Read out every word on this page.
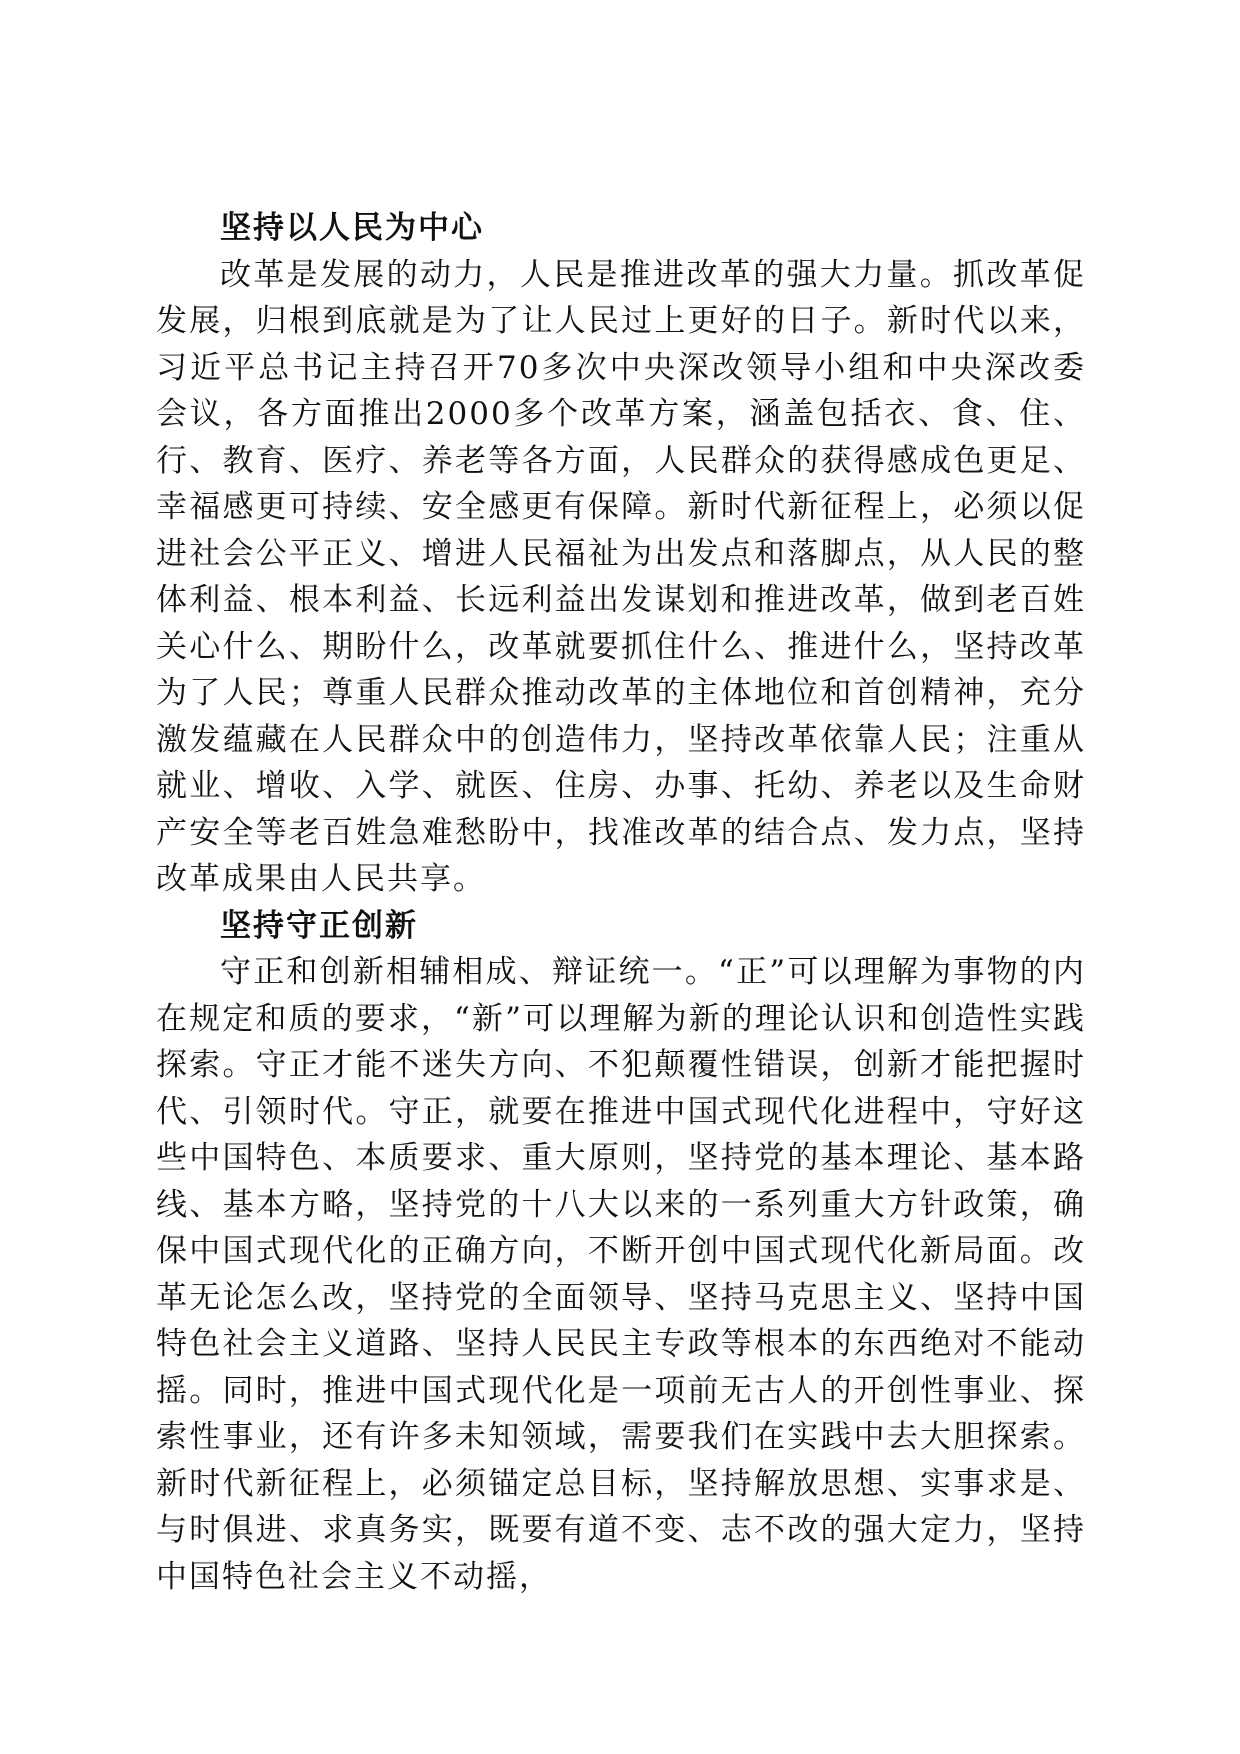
坚持以人民为中心

改革是发展的动力，人民是推进改革的强大力量。抓改革促发展，归根到底就是为了让人民过上更好的日子。新时代以来，习近平总书记主持召开70多次中央深改领导小组和中央深改委会议，各方面推出2000多个改革方案，涵盖包括衣、食、住、行、教育、医疗、养老等各方面，人民群众的获得感成色更足、幸福感更可持续、安全感更有保障。新时代新征程上，必须以促进社会公平正义、增进人民福祉为出发点和落脚点，从人民的整体利益、根本利益、长远利益出发谋划和推进改革，做到老百姓关心什么、期盼什么，改革就要抓住什么、推进什么，坚持改革为了人民；尊重人民群众推动改革的主体地位和首创精神，充分激发蕴藏在人民群众中的创造伟力，坚持改革依靠人民；注重从就业、增收、入学、就医、住房、办事、托幼、养老以及生命财产安全等老百姓急难愁盼中，找准改革的结合点、发力点，坚持改革成果由人民共享。

坚持守正创新

守正和创新相辅相成、辩证统一。“正”可以理解为事物的内在规定和质的要求，“新”可以理解为新的理论认识和创造性实践探索。守正才能不迷失方向、不犯颠覆性错误，创新才能把握时代、引领时代。守正，就要在推进中国式现代化进程中，守好这些中国特色、本质要求、重大原则，坚持党的基本理论、基本路线、基本方略，坚持党的十八大以来的一系列重大方针政策，确保中国式现代化的正确方向，不断开创中国式现代化新局面。改革无论怎么改，坚持党的全面领导、坚持马克思主义、坚持中国特色社会主义道路、坚持人民民主专政等根本的东西绝对不能动摇。同时，推进中国式现代化是一项前无古人的开创性事业、探索性事业，还有许多未知领域，需要我们在实践中去大胆探索。新时代新征程上，必须锚定总目标，坚持解放思想、实事求是、与时俱进、求真务实，既要有道不变、志不改的强大定力，坚持中国特色社会主义不动摇，
